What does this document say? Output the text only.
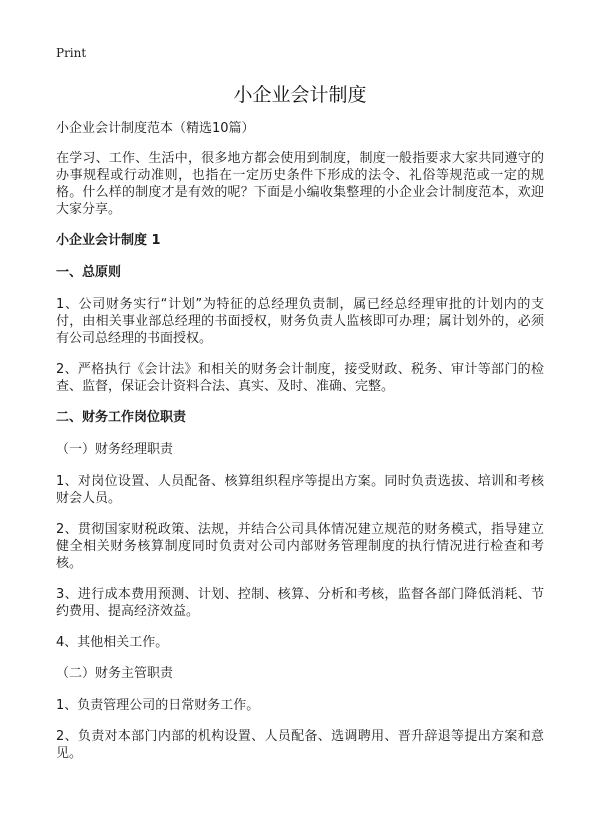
Print
小企业会计制度
小企业会计制度范本（精选10篇）

在学习、工作、生活中，很多地方都会使用到制度，制度一般指要求大家共同遵守的办事规程或行动准则，也指在一定历史条件下形成的法令、礼俗等规范或一定的规格。什么样的制度才是有效的呢？下面是小编收集整理的小企业会计制度范本，欢迎大家分享。

小企业会计制度 1
一、总原则

1、公司财务实行“计划”为特征的总经理负责制，属已经总经理审批的计划内的支付，由相关事业部总经理的书面授权，财务负责人监核即可办理；属计划外的，必须有公司总经理的书面授权。

2、严格执行《会计法》和相关的财务会计制度，接受财政、税务、审计等部门的检查、监督，保证会计资料合法、真实、及时、准确、完整。

二、财务工作岗位职责
（一）财务经理职责

1、对岗位设置、人员配备、核算组织程序等提出方案。同时负责选拔、培训和考核财会人员。

2、贯彻国家财税政策、法规，并结合公司具体情况建立规范的财务模式，指导建立健全相关财务核算制度同时负责对公司内部财务管理制度的执行情况进行检查和考核。

3、进行成本费用预测、计划、控制、核算、分析和考核，监督各部门降低消耗、节约费用、提高经济效益。

4、其他相关工作。

（二）财务主管职责

1、负责管理公司的日常财务工作。

2、负责对本部门内部的机构设置、人员配备、选调聘用、晋升辞退等提出方案和意见。
